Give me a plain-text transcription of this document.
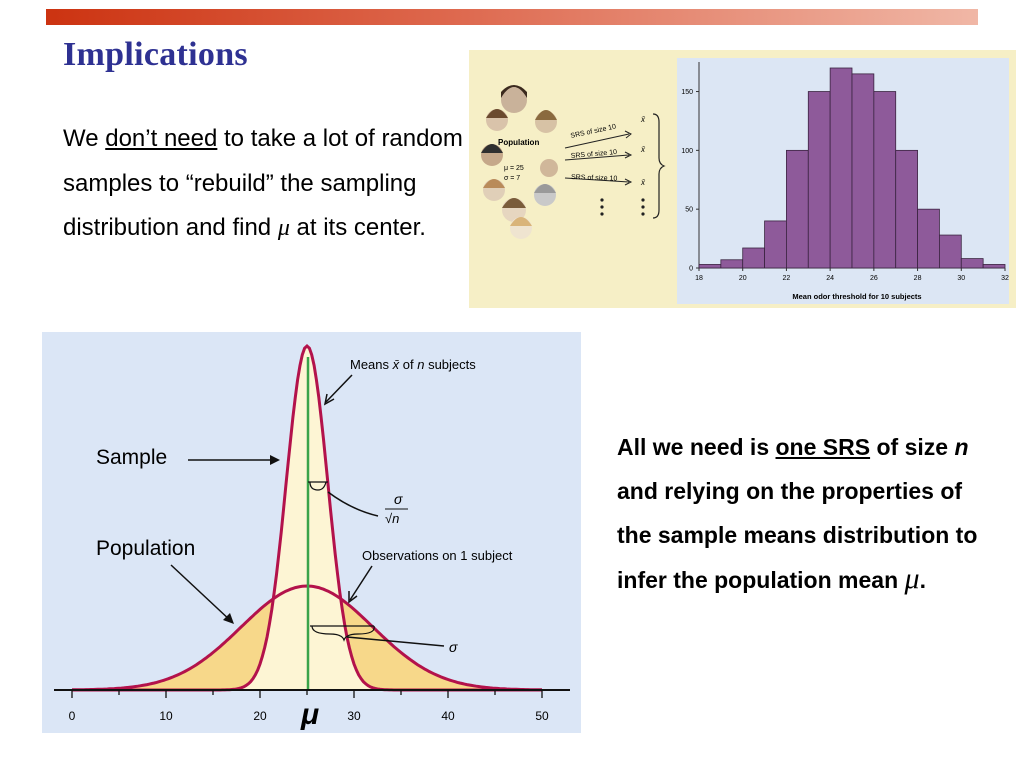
Implications

We don’t need to take a lot of random samples to “rebuild” the sampling distribution and find μ at its center.

All we need is one SRS of size n and relying on the properties of the sample means distribution to infer the population mean μ.

Population
μ = 25
σ = 7
SRS of size 10
SRS of size 10
SRS of size 10
x̄
x̄
x̄
18	20	22	24	26	28	30	32
0
50
100
150
Mean odor threshold for 10 subjects
0	10	20	30	40	50
Means x̄ of n subjects
σ
√n
Observations on 1 subject
σ
μ

Sample

Population
